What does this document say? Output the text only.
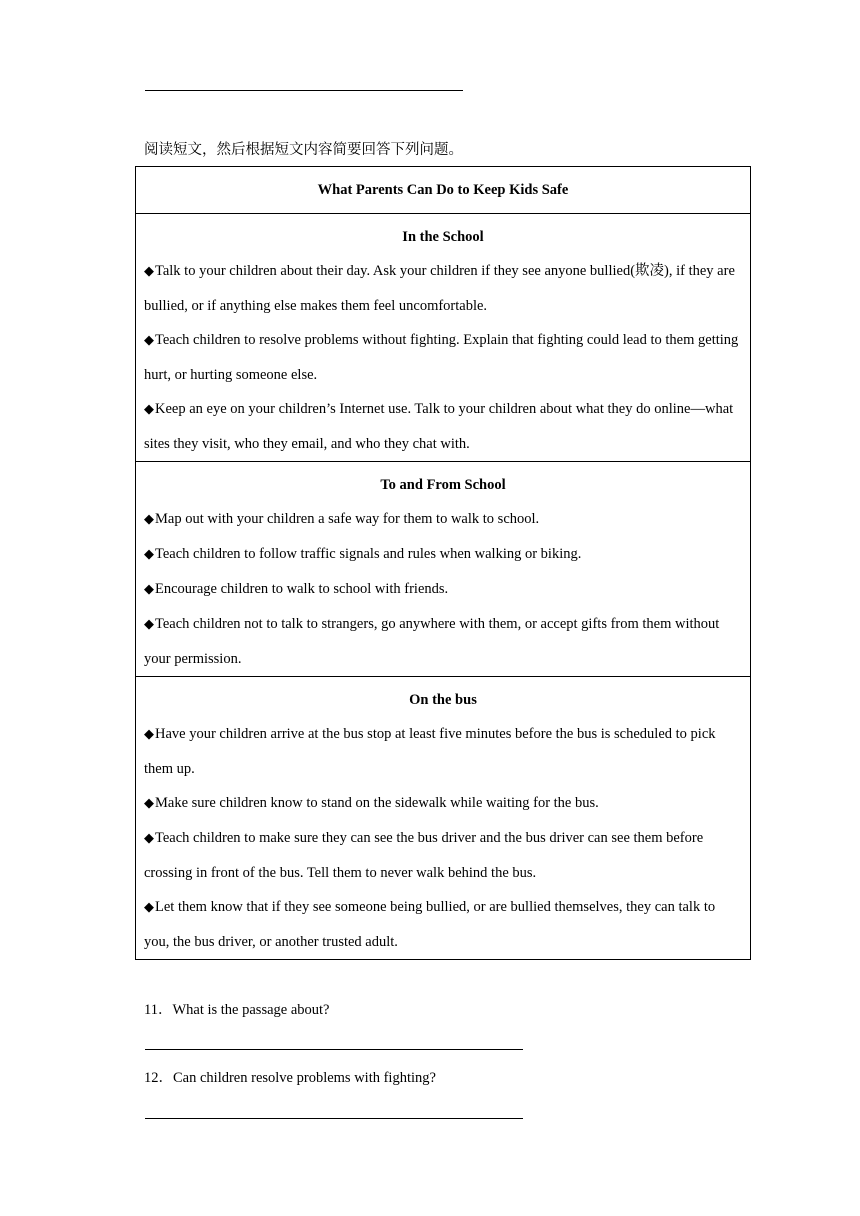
阅读短文，然后根据短文内容简要回答下列问题。
What Parents Can Do to Keep Kids Safe

In the School
◆Talk to your children about their day. Ask your children if they see anyone bullied(欺凌), if they are bullied, or if anything else makes them feel uncomfortable.
◆Teach children to resolve problems without fighting. Explain that fighting could lead to them getting hurt, or hurting someone else.
◆Keep an eye on your children’s Internet use. Talk to your children about what they do online—what sites they visit, who they email, and who they chat with.

To and From School
◆Map out with your children a safe way for them to walk to school.
◆Teach children to follow traffic signals and rules when walking or biking.
◆Encourage children to walk to school with friends.
◆Teach children not to talk to strangers, go anywhere with them, or accept gifts from them without your permission.

On the bus
◆Have your children arrive at the bus stop at least five minutes before the bus is scheduled to pick them up.
◆Make sure children know to stand on the sidewalk while waiting for the bus.
◆Teach children to make sure they can see the bus driver and the bus driver can see them before crossing in front of the bus. Tell them to never walk behind the bus.
◆Let them know that if they see someone being bullied, or are bullied themselves, they can talk to you, the bus driver, or another trusted adult.
11．What is the passage about?
12．Can children resolve problems with fighting?
